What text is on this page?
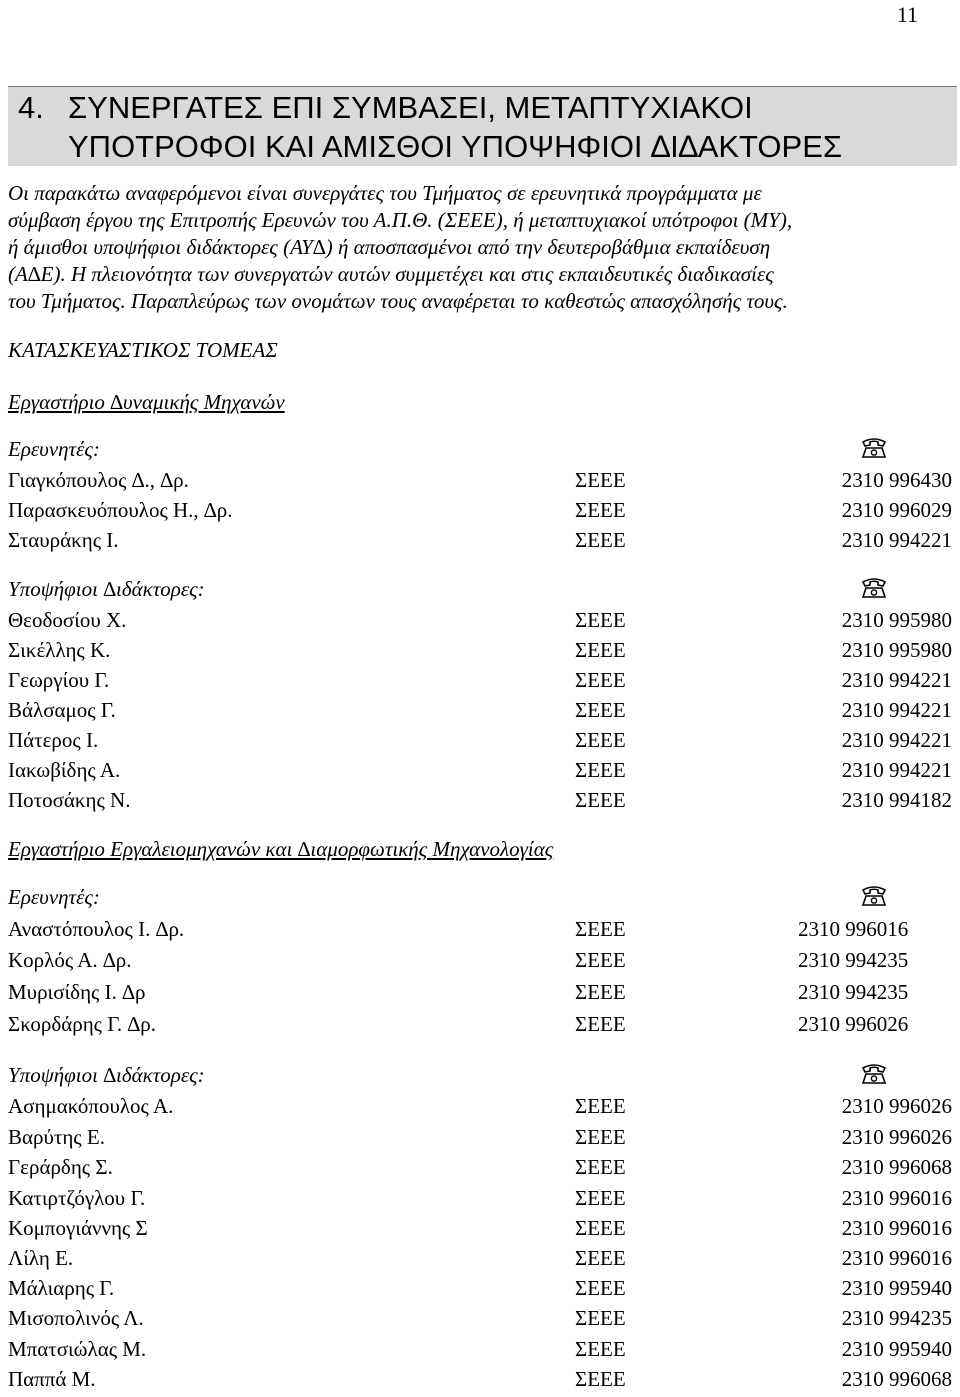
11
4. ΣΥΝΕΡΓΑΤΕΣ ΕΠΙ ΣΥΜΒΑΣΕΙ, ΜΕΤΑΠΤΥΧΙΑΚΟΙ
ΥΠΟΤΡΟΦΟΙ ΚΑΙ ΑΜΙΣΘΟΙ ΥΠΟΨΗΦΙΟΙ ∆Ι∆ΑΚΤΟΡΕΣ
Οι παρακάτω αναφερόμενοι είναι συνεργάτες του Τμήματος σε ερευνητικά προγράμματα με
σύμβαση έργου της Επιτροπής Ερευνών του Α.Π.Θ. (ΣΕΕΕ), ή μεταπτυχιακοί υπότροφοι (ΜΥ),
ή άμισθοι υποψήφιοι διδάκτορες (ΑΥ∆) ή αποσπασμένοι από την δευτεροβάθμια εκπαίδευση
(Α∆Ε). Η πλειονότητα των συνεργατών αυτών συμμετέχει και στις εκπαιδευτικές διαδικασίες
του Τμήματος. Παραπλεύρως των ονομάτων τους αναφέρεται το καθεστώς απασχόλησής τους.
ΚΑΤΑΣΚΕΥΑΣΤΙΚΟΣ ΤΟΜΕΑΣ
Εργαστήριο ∆υναμικής Μηχανών
Ερευνητές:
Γιαγκόπουλος ∆., ∆ρ.	ΣΕΕΕ	2310 996430
Παρασκευόπουλος Η., ∆ρ.	ΣΕΕΕ	2310 996029
Σταυράκης Ι.	ΣΕΕΕ	2310 994221
Υποψήφιοι ∆ιδάκτορες:
Θεοδοσίου Χ.	ΣΕΕΕ	2310 995980
Σικέλλης Κ.	ΣΕΕΕ	2310 995980
Γεωργίου Γ.	ΣΕΕΕ	2310 994221
Βάλσαμος Γ.	ΣΕΕΕ	2310 994221
Πάτερος Ι.	ΣΕΕΕ	2310 994221
Ιακωβίδης Α.	ΣΕΕΕ	2310 994221
Ποτοσάκης Ν.	ΣΕΕΕ	2310 994182
Εργαστήριο Εργαλειομηχανών και ∆ιαμορφωτικής Μηχανολογίας
Ερευνητές:
Αναστόπουλος Ι. ∆ρ.	ΣΕΕΕ	2310 996016
Κορλός Α. ∆ρ.	ΣΕΕΕ	2310 994235
Μυρισίδης Ι. ∆ρ	ΣΕΕΕ	2310 994235
Σκορδάρης Γ. ∆ρ.	ΣΕΕΕ	2310 996026
Υποψήφιοι ∆ιδάκτορες:
Ασημακόπουλος Α.	ΣΕΕΕ	2310 996026
Βαρύτης Ε.	ΣΕΕΕ	2310 996026
Γεράρδης Σ.	ΣΕΕΕ	2310 996068
Κατιρτζόγλου Γ.	ΣΕΕΕ	2310 996016
Κομπογιάννης Σ	ΣΕΕΕ	2310 996016
Λίλη Ε.	ΣΕΕΕ	2310 996016
Μάλιαρης Γ.	ΣΕΕΕ	2310 995940
Μισοπολινός Λ.	ΣΕΕΕ	2310 994235
Μπατσιώλας Μ.	ΣΕΕΕ	2310 995940
Παππά Μ.	ΣΕΕΕ	2310 996068
